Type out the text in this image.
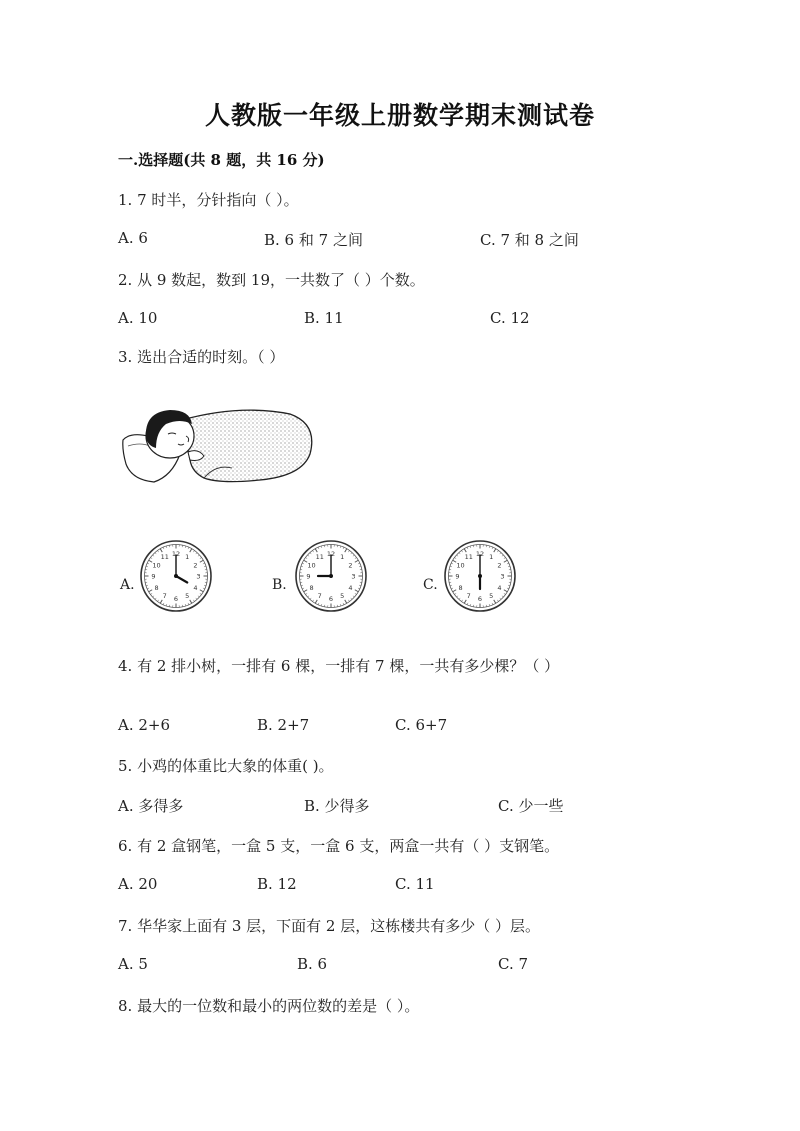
人教版一年级上册数学期末测试卷
一.选择题(共 8 题，共 16 分)
1. 7 时半，分针指向（ ）。
A. 6	B. 6 和 7 之间	C. 7 和 8 之间
2. 从 9 数起，数到 19，一共数了（ ）个数。
A. 10	B. 11	C. 12
3. 选出合适的时刻。（ ）
A.
12 1
2
3
4
5
6
7
8
9
10
11
B.
12 1
2
3
4
5
6
7
8
9
10
11
C.
12 1
2
3
4
5
6
7
8
9
10
11
4. 有 2 排小树，一排有 6 棵，一排有 7 棵，一共有多少棵？（ ）
A. 2+6	B. 2+7	C. 6+7
5. 小鸡的体重比大象的体重( )。
A. 多得多	B. 少得多	C. 少一些
6. 有 2 盒钢笔，一盒 5 支，一盒 6 支，两盒一共有（ ）支钢笔。
A. 20	B. 12	C. 11
7. 华华家上面有 3 层，下面有 2 层，这栋楼共有多少（ ）层。
A. 5	B. 6	C. 7
8. 最大的一位数和最小的两位数的差是（ ）。
